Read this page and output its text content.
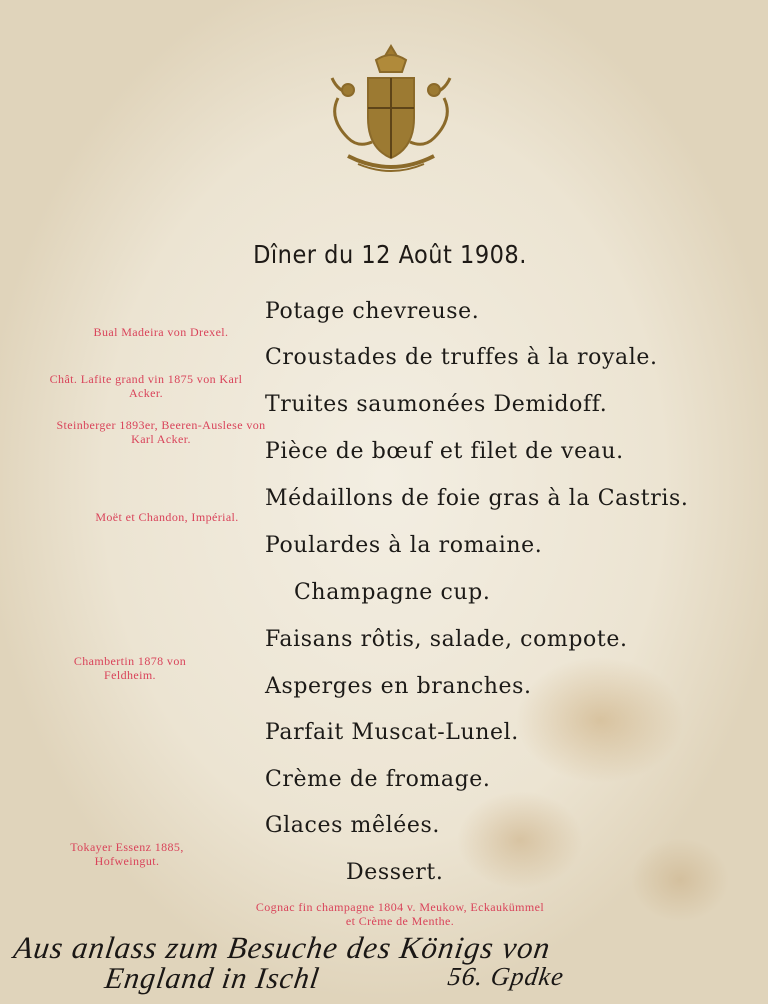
Dîner du 12 Août 1908.

Potage chevreuse.

Croustades de truffes à la royale.

Truites saumonées Demidoff.

Pièce de bœuf et filet de veau.

Médaillons de foie gras à la Castris.

Poulardes à la romaine.

Champagne cup.

Faisans rôtis, salade, compote.

Asperges en branches.

Parfait Muscat-Lunel.

Crème de fromage.

Glaces mêlées.

Dessert.

Bual Madeira von Drexel.

Chât. Lafite grand vin 1875 von Karl Acker.

Steinberger 1893er, Beeren-Auslese von Karl Acker.

Moët et Chandon, Impérial.

Chambertin 1878 von Feldheim.

Tokayer Essenz 1885, Hofweingut.

Cognac fin champagne 1804 v. Meukow, Eckaukümmel et Crème de Menthe.

Aus anlass zum Besuche des Königs von
England in Ischl	56. Gpdke
